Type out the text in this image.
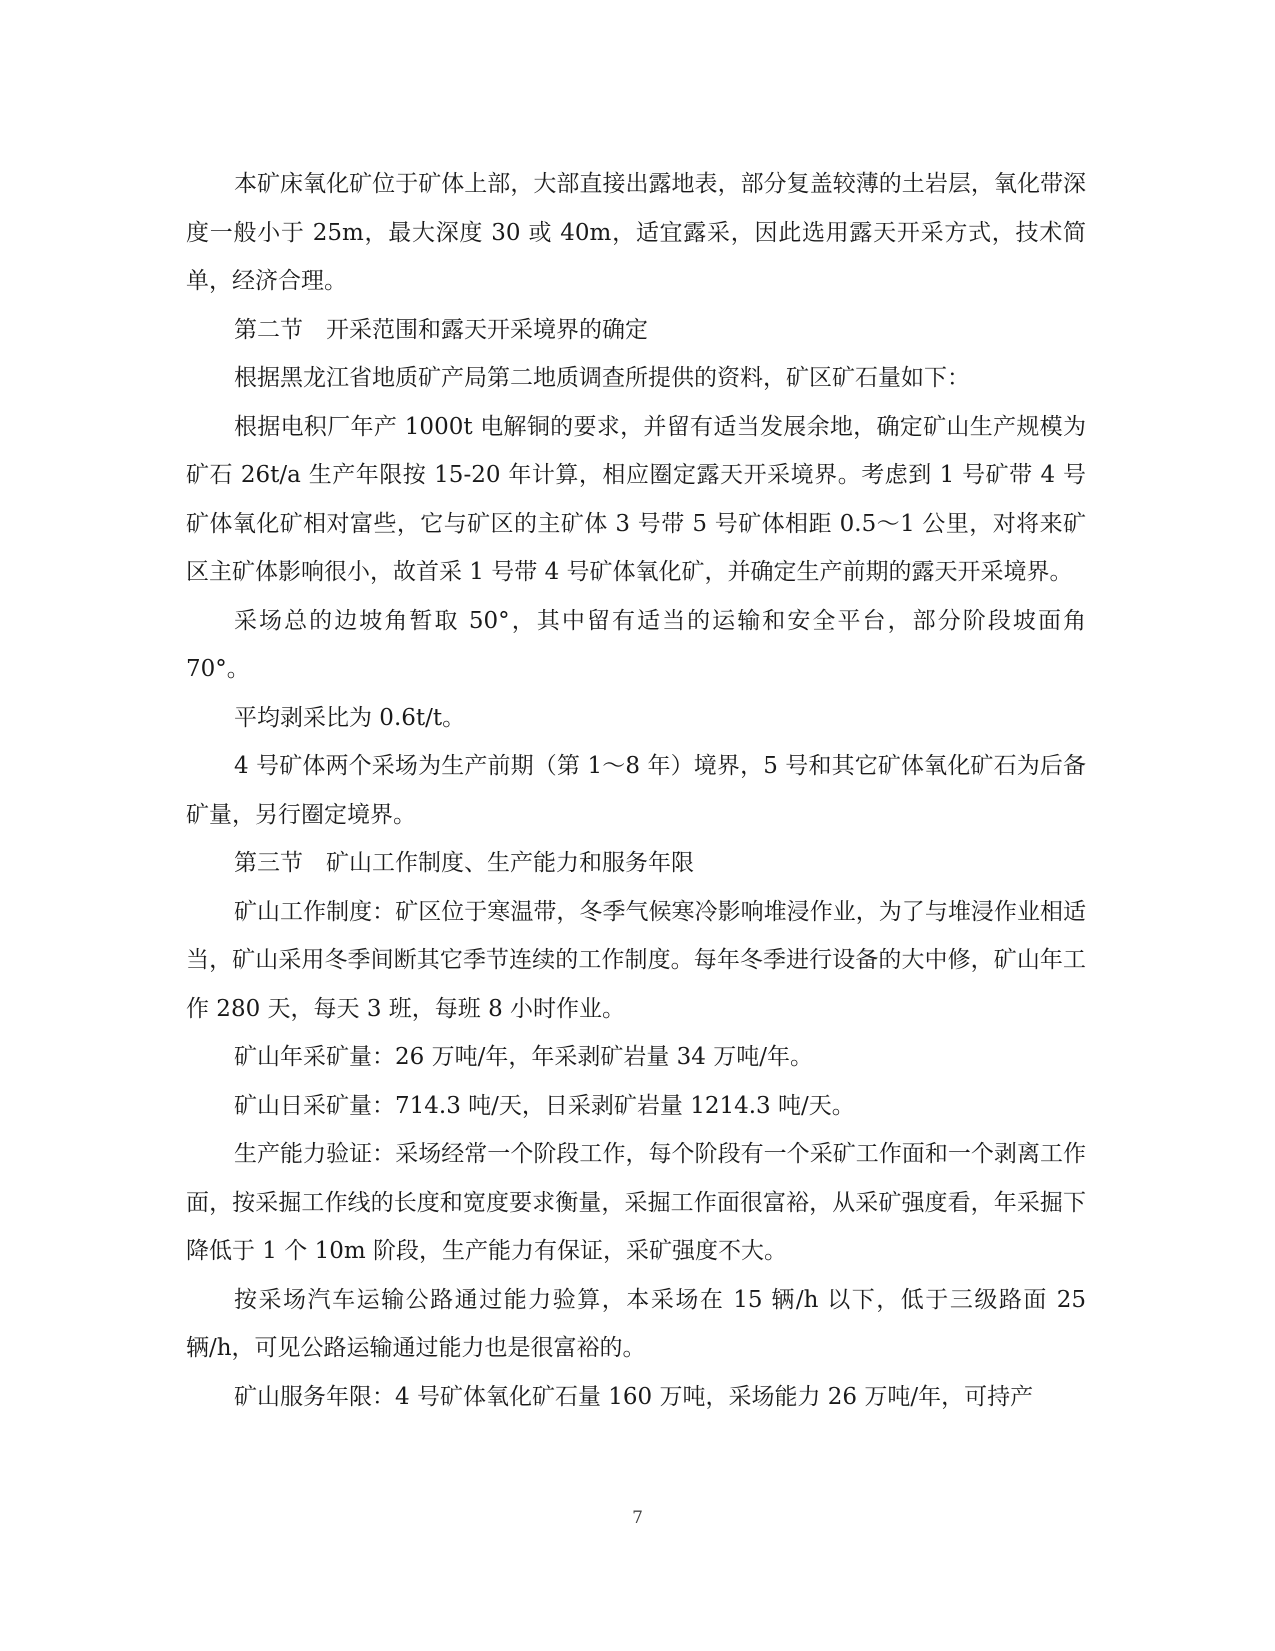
本矿床氧化矿位于矿体上部，大部直接出露地表，部分复盖较薄的土岩层，氧化带深度一般小于 25m，最大深度 30 或 40m，适宜露采，因此选用露天开采方式，技术简单，经济合理。

第二节　开采范围和露天开采境界的确定

根据黑龙江省地质矿产局第二地质调查所提供的资料，矿区矿石量如下：

根据电积厂年产 1000t 电解铜的要求，并留有适当发展余地，确定矿山生产规模为矿石 26t/a 生产年限按 15-20 年计算，相应圈定露天开采境界。考虑到 1 号矿带 4 号矿体氧化矿相对富些，它与矿区的主矿体 3 号带 5 号矿体相距 0.5～1 公里，对将来矿区主矿体影响很小，故首采 1 号带 4 号矿体氧化矿，并确定生产前期的露天开采境界。

采场总的边坡角暂取 50°，其中留有适当的运输和安全平台，部分阶段坡面角 70°。

平均剥采比为 0.6t/t。

4 号矿体两个采场为生产前期（第 1～8 年）境界，5 号和其它矿体氧化矿石为后备矿量，另行圈定境界。

第三节　矿山工作制度、生产能力和服务年限

矿山工作制度：矿区位于寒温带，冬季气候寒冷影响堆浸作业，为了与堆浸作业相适当，矿山采用冬季间断其它季节连续的工作制度。每年冬季进行设备的大中修，矿山年工作 280 天，每天 3 班，每班 8 小时作业。

矿山年采矿量：26 万吨/年，年采剥矿岩量 34 万吨/年。

矿山日采矿量：714.3 吨/天，日采剥矿岩量 1214.3 吨/天。

生产能力验证：采场经常一个阶段工作，每个阶段有一个采矿工作面和一个剥离工作面，按采掘工作线的长度和宽度要求衡量，采掘工作面很富裕，从采矿强度看，年采掘下降低于 1 个 10m 阶段，生产能力有保证，采矿强度不大。

按采场汽车运输公路通过能力验算，本采场在 15 辆/h 以下，低于三级路面 25 辆/h，可见公路运输通过能力也是很富裕的。

矿山服务年限：4 号矿体氧化矿石量 160 万吨，采场能力 26 万吨/年，可持产

7
